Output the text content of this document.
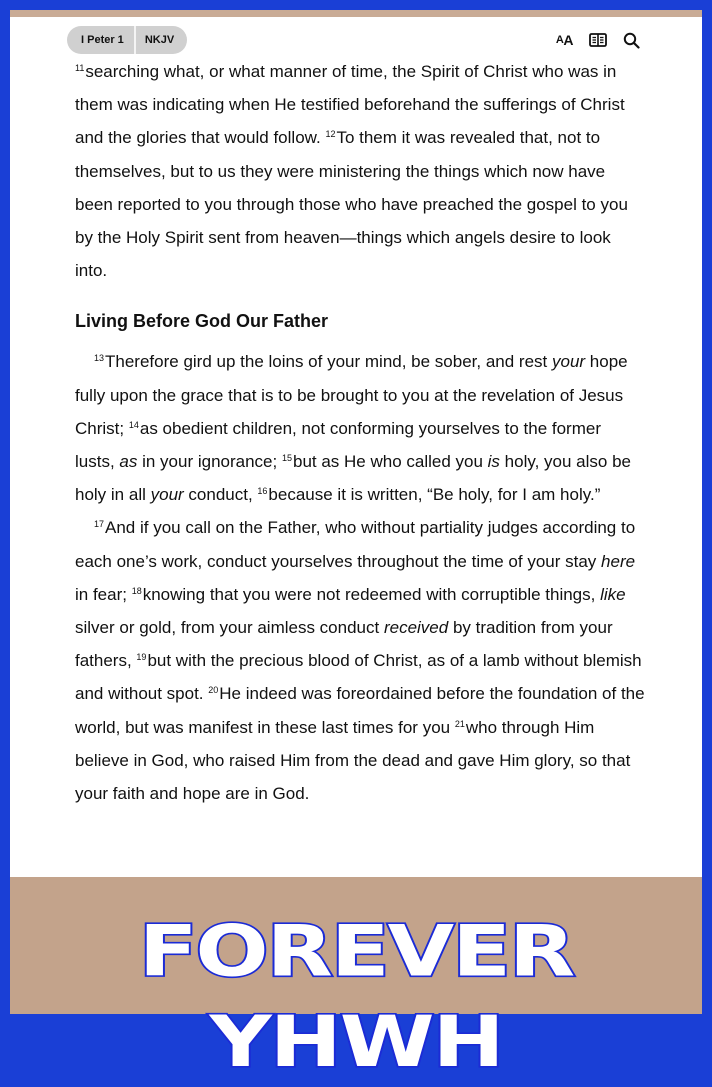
I Peter 1	NKJV	A A

$^{11}$searching what, or what manner of time, the Spirit of Christ who was in them was indicating when He testified beforehand the sufferings of Christ and the glories that would follow. $^{12}$To them it was revealed that, not to themselves, but to us they were ministering the things which now have been reported to you through those who have preached the gospel to you by the Holy Spirit sent from heaven—things which angels desire to look into.

Living Before God Our Father

$^{13}$Therefore gird up the loins of your mind, be sober, and rest your hope fully upon the grace that is to be brought to you at the revelation of Jesus Christ; $^{14}$as obedient children, not conforming yourselves to the former lusts, as in your ignorance; $^{15}$but as He who called you is holy, you also be holy in all your conduct, $^{16}$because it is written, “Be holy, for I am holy.”

$^{17}$And if you call on the Father, who without partiality judges according to each one’s work, conduct yourselves throughout the time of your stay here in fear; $^{18}$knowing that you were not redeemed with corruptible things, like silver or gold, from your aimless conduct received by tradition from your fathers, $^{19}$but with the precious blood of Christ, as of a lamb without blemish and without spot. $^{20}$He indeed was foreordained before the foundation of the world, but was manifest in these last times for you $^{21}$who through Him believe in God, who raised Him from the dead and gave Him glory, so that your faith and hope are in God.

FOREVER YHWH
